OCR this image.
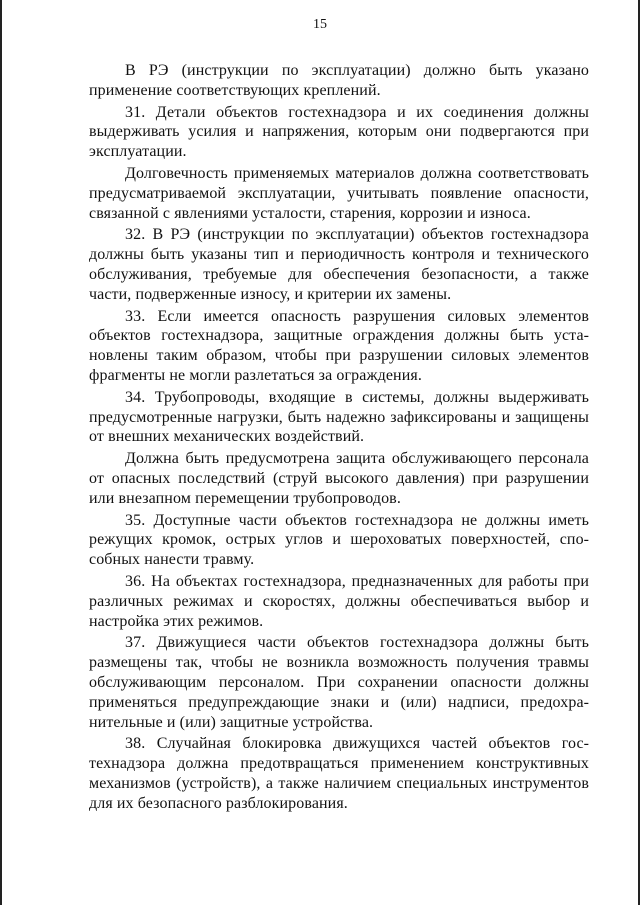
15

В РЭ (инструкции по эксплуатации) должно быть указано применение соответствующих креплений.

31. Детали объектов гостехнадзора и их соединения должны выдерживать усилия и напряжения, которым они подвергаются при эксплуатации.

Долговечность применяемых материалов должна соответствовать предусматриваемой эксплуатации, учитывать появление опасности, связанной с явлениями усталости, старения, коррозии и износа.

32. В РЭ (инструкции по эксплуатации) объектов гостехнадзора должны быть указаны тип и периодичность контроля и технического обслуживания, требуемые для обеспечения безопасности, а также части, подверженные износу, и критерии их замены.

33. Если имеется опасность разрушения силовых элементов объектов гостехнадзора, защитные ограждения должны быть установлены таким образом, чтобы при разрушении силовых элементов фрагменты не могли разлетаться за ограждения.

34. Трубопроводы, входящие в системы, должны выдерживать предусмотренные нагрузки, быть надежно зафиксированы и защищены от внешних механических воздействий.

Должна быть предусмотрена защита обслуживающего персонала от опасных последствий (струй высокого давления) при разрушении или внезапном перемещении трубопроводов.

35. Доступные части объектов гостехнадзора не должны иметь режущих кромок, острых углов и шероховатых поверхностей, способных нанести травму.

36. На объектах гостехнадзора, предназначенных для работы при различных режимах и скоростях, должны обеспечиваться выбор и настройка этих режимов.

37. Движущиеся части объектов гостехнадзора должны быть размещены так, чтобы не возникла возможность получения травмы обслуживающим персоналом. При сохранении опасности должны применяться предупреждающие знаки и (или) надписи, предохранительные и (или) защитные устройства.

38. Случайная блокировка движущихся частей объектов гостехнадзора должна предотвращаться применением конструктивных механизмов (устройств), а также наличием специальных инструментов для их безопасного разблокирования.
